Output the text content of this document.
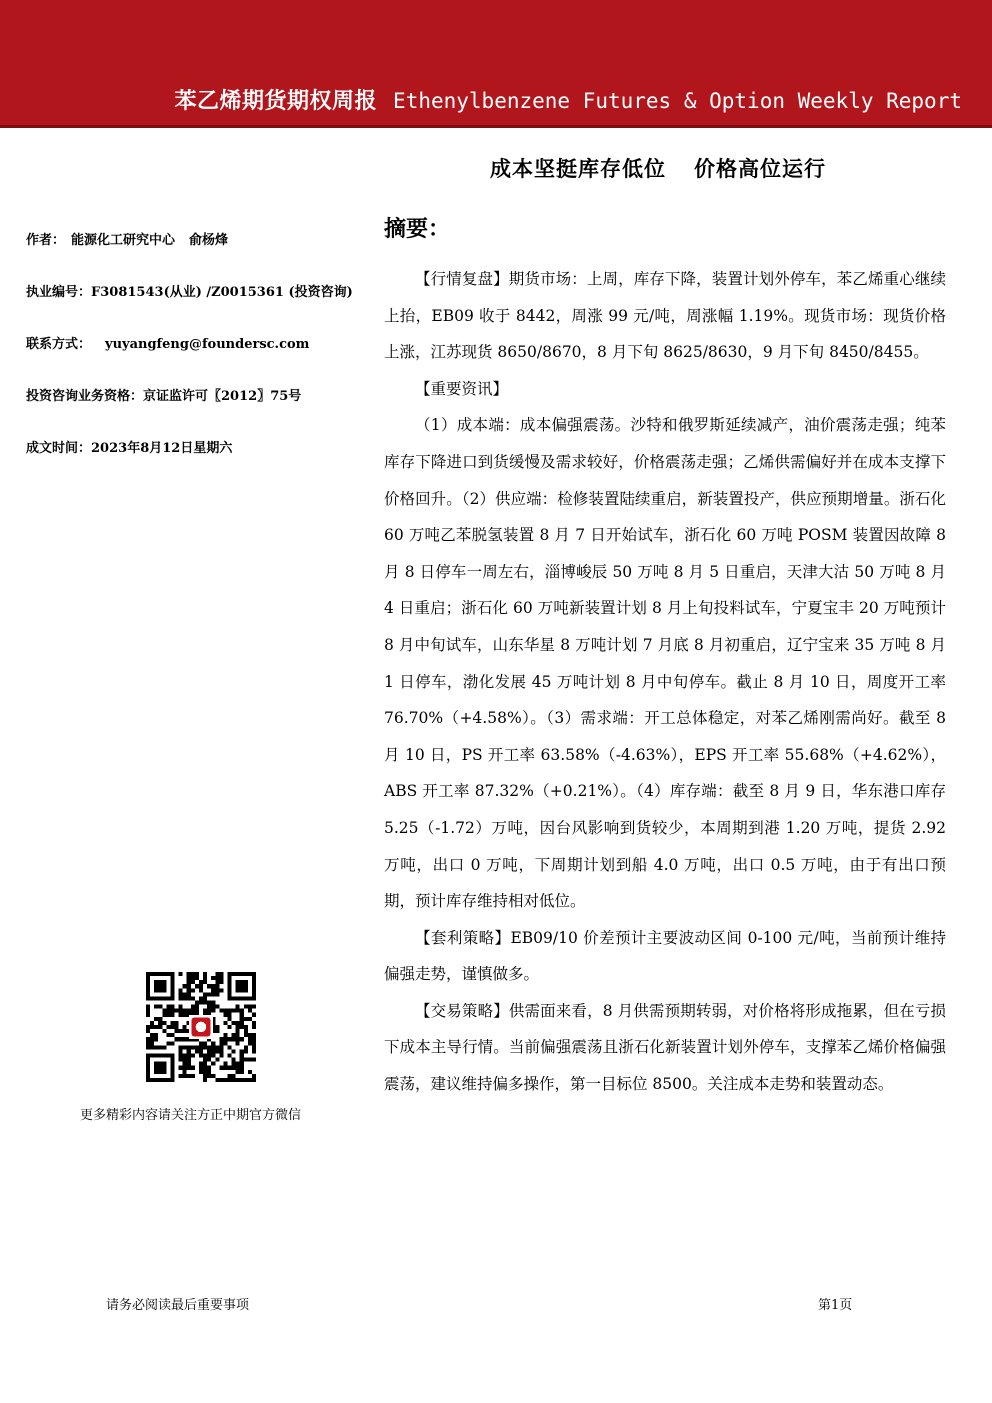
苯乙烯期货期权周报 Ethenylbenzene Futures & Option Weekly Report
成本坚挺库存低位 价格高位运行
作者： 能源化工研究中心 俞杨烽
执业编号：F3081543(从业) /Z0015361 (投资咨询)
联系方式： yuyangfeng@foundersc.com
投资咨询业务资格：京证监许可〖2012〗75号
成文时间：2023年8月12日星期六
更多精彩内容请关注方正中期官方微信
摘要：

【行情复盘】期货市场：上周，库存下降，装置计划外停车，苯乙烯重心继续上抬，EB09 收于 8442，周涨 99 元/吨，周涨幅 1.19%。现货市场：现货价格上涨，江苏现货 8650/8670，8 月下旬 8625/8630，9 月下旬 8450/8455。

【重要资讯】

（1）成本端：成本偏强震荡。沙特和俄罗斯延续减产，油价震荡走强；纯苯库存下降进口到货缓慢及需求较好，价格震荡走强；乙烯供需偏好并在成本支撑下价格回升。（2）供应端：检修装置陆续重启，新装置投产，供应预期增量。浙石化 60 万吨乙苯脱氢装置 8 月 7 日开始试车，浙石化 60 万吨 POSM 装置因故障 8 月 8 日停车一周左右，淄博峻辰 50 万吨 8 月 5 日重启，天津大沽 50 万吨 8 月 4 日重启；浙石化 60 万吨新装置计划 8 月上旬投料试车，宁夏宝丰 20 万吨预计 8 月中旬试车，山东华星 8 万吨计划 7 月底 8 月初重启，辽宁宝来 35 万吨 8 月 1 日停车，渤化发展 45 万吨计划 8 月中旬停车。截止 8 月 10 日，周度开工率 76.70%（+4.58%）。（3）需求端：开工总体稳定，对苯乙烯刚需尚好。截至 8 月 10 日，PS 开工率 63.58%（-4.63%），EPS 开工率 55.68%（+4.62%），ABS 开工率 87.32%（+0.21%）。（4）库存端：截至 8 月 9 日，华东港口库存 5.25（-1.72）万吨，因台风影响到货较少，本周期到港 1.20 万吨，提货 2.92 万吨，出口 0 万吨，下周期计划到船 4.0 万吨，出口 0.5 万吨，由于有出口预期，预计库存维持相对低位。

【套利策略】EB09/10 价差预计主要波动区间 0-100 元/吨，当前预计维持偏强走势，谨慎做多。

【交易策略】供需面来看，8 月供需预期转弱，对价格将形成拖累，但在亏损下成本主导行情。当前偏强震荡且浙石化新装置计划外停车，支撑苯乙烯价格偏强震荡，建议维持偏多操作，第一目标位 8500。关注成本走势和装置动态。

请务必阅读最后重要事项	第1页
